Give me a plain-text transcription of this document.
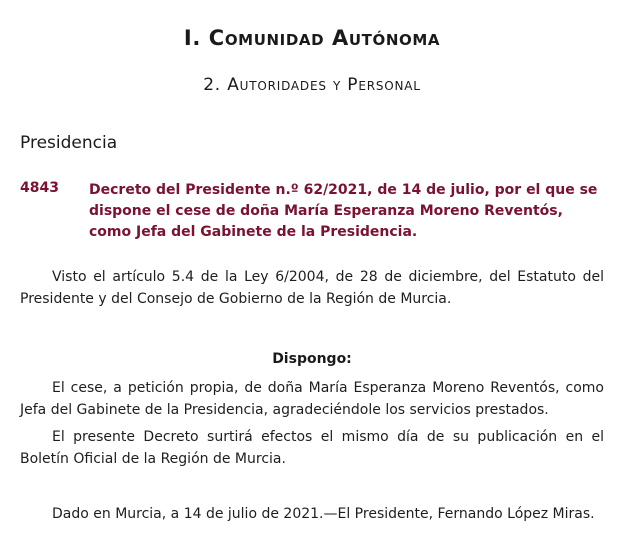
I. Comunidad Autónoma
2. Autoridades y Personal
Presidencia
4843 Decreto del Presidente n.º 62/2021, de 14 de julio, por el que se dispone el cese de doña María Esperanza Moreno Reventós, como Jefa del Gabinete de la Presidencia.
Visto el artículo 5.4 de la Ley 6/2004, de 28 de diciembre, del Estatuto del Presidente y del Consejo de Gobierno de la Región de Murcia.
Dispongo:
El cese, a petición propia, de doña María Esperanza Moreno Reventós, como Jefa del Gabinete de la Presidencia, agradeciéndole los servicios prestados.
El presente Decreto surtirá efectos el mismo día de su publicación en el Boletín Oficial de la Región de Murcia.
Dado en Murcia, a 14 de julio de 2021.—El Presidente, Fernando López Miras.
